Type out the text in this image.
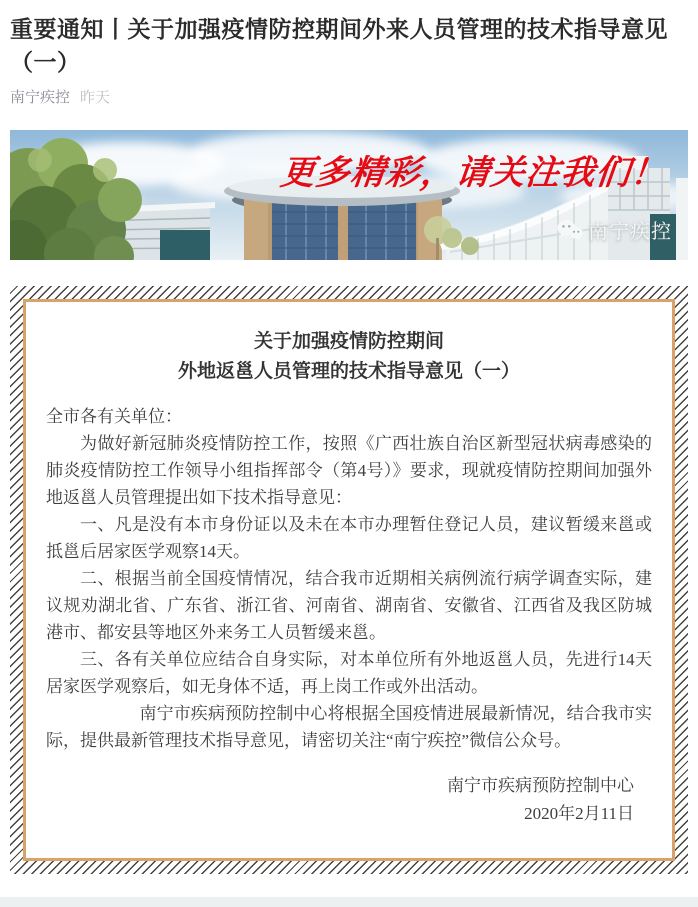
重要通知丨关于加强疫情防控期间外来人员管理的技术指导意见（一）
南宁疾控 昨天
更多精彩，请关注我们！
南宁疾控
关于加强疫情防控期间
外地返邕人员管理的技术指导意见（一）

全市各有关单位：

为做好新冠肺炎疫情防控工作，按照《广西壮族自治区新型冠状病毒感染的肺炎疫情防控工作领导小组指挥部令（第4号）》要求，现就疫情防控期间加强外地返邕人员管理提出如下技术指导意见：

一、凡是没有本市身份证以及未在本市办理暂住登记人员，建议暂缓来邕或抵邕后居家医学观察14天。

二、根据当前全国疫情情况，结合我市近期相关病例流行病学调查实际，建议规劝湖北省、广东省、浙江省、河南省、湖南省、安徽省、江西省及我区防城港市、都安县等地区外来务工人员暂缓来邕。

三、各有关单位应结合自身实际，对本单位所有外地返邕人员，先进行14天居家医学观察后，如无身体不适，再上岗工作或外出活动。

南宁市疾病预防控制中心将根据全国疫情进展最新情况，结合我市实际，提供最新管理技术指导意见，请密切关注“南宁疾控”微信公众号。

南宁市疾病预防控制中心
2020年2月11日
